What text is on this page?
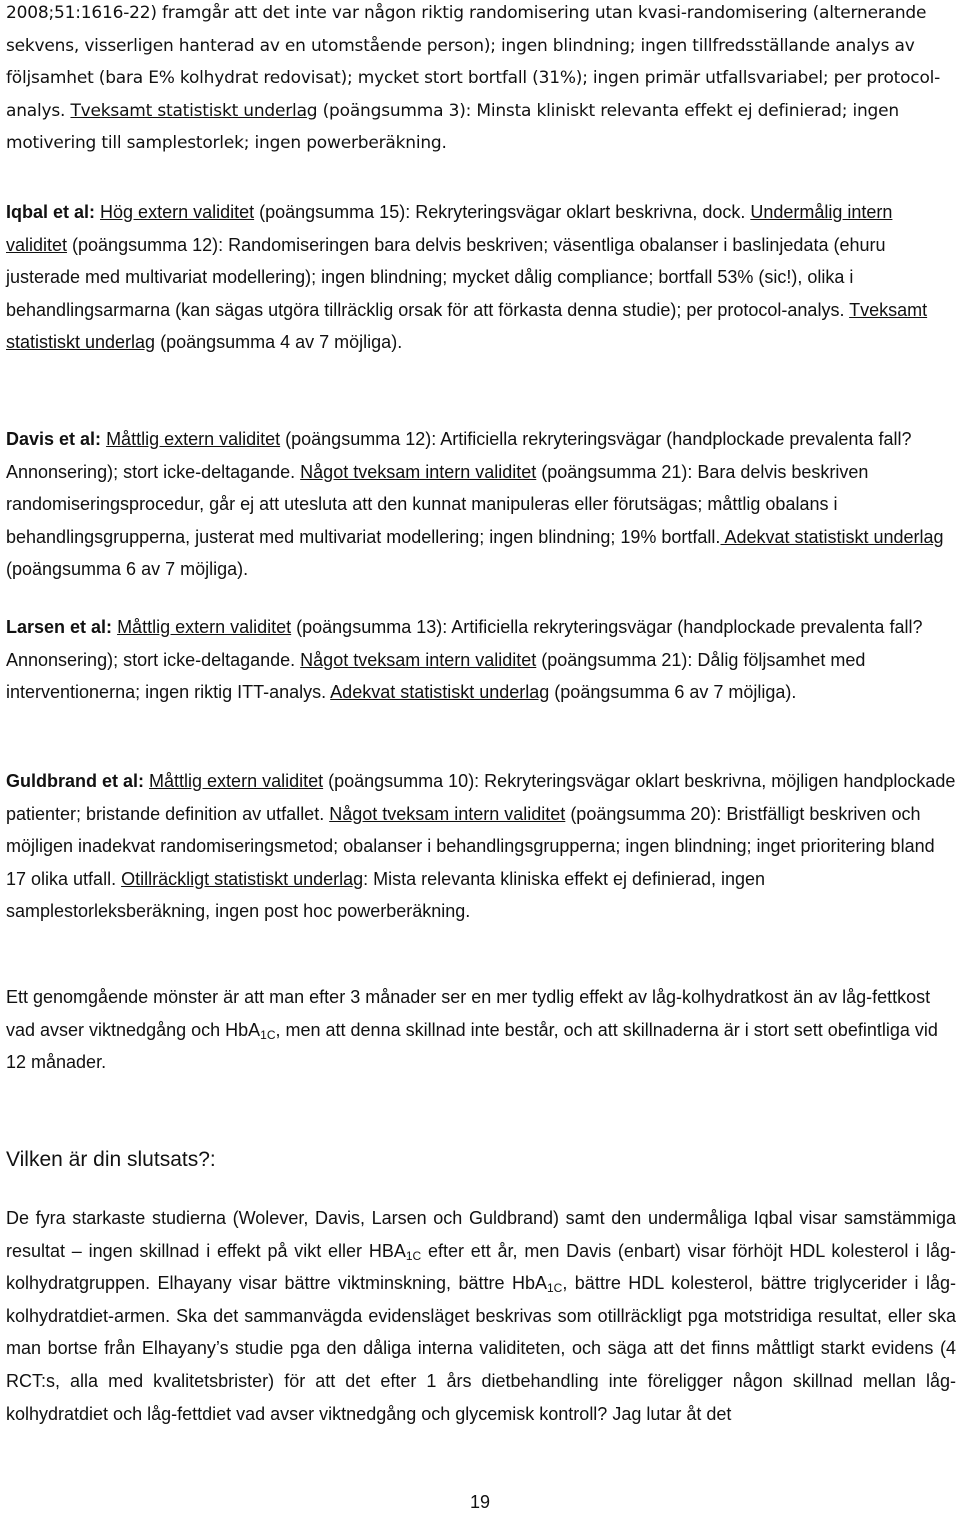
2008;51:1616-22) framgår att det inte var någon riktig randomisering utan kvasi-randomisering (alternerande sekvens, visserligen hanterad av en utomstående person); ingen blindning; ingen tillfredsställande analys av följsamhet (bara E% kolhydrat redovisat); mycket stort bortfall (31%); ingen primär utfallsvariabel; per protocol-analys. Tveksamt statistiskt underlag (poängsumma 3): Minsta kliniskt relevanta effekt ej definierad; ingen motivering till samplestorlek; ingen powerberäkning.

Iqbal et al: Hög extern validitet (poängsumma 15): Rekryteringsvägar oklart beskrivna, dock. Undermålig intern validitet (poängsumma 12): Randomiseringen bara delvis beskriven; väsentliga obalanser i baslinjedata (ehuru justerade med multivariat modellering); ingen blindning; mycket dålig compliance; bortfall 53% (sic!), olika i behandlingsarmarna (kan sägas utgöra tillräcklig orsak för att förkasta denna studie); per protocol-analys. Tveksamt statistiskt underlag (poängsumma 4 av 7 möjliga).

Davis et al: Måttlig extern validitet (poängsumma 12): Artificiella rekryteringsvägar (handplockade prevalenta fall? Annonsering); stort icke-deltagande. Något tveksam intern validitet (poängsumma 21): Bara delvis beskriven randomiseringsprocedur, går ej att utesluta att den kunnat manipuleras eller förutsägas; måttlig obalans i behandlingsgrupperna, justerat med multivariat modellering; ingen blindning; 19% bortfall. Adekvat statistiskt underlag (poängsumma 6 av 7 möjliga).

Larsen et al: Måttlig extern validitet (poängsumma 13): Artificiella rekryteringsvägar (handplockade prevalenta fall? Annonsering); stort icke-deltagande. Något tveksam intern validitet (poängsumma 21): Dålig följsamhet med interventionerna; ingen riktig ITT-analys. Adekvat statistiskt underlag (poängsumma 6 av 7 möjliga).

Guldbrand et al: Måttlig extern validitet (poängsumma 10): Rekryteringsvägar oklart beskrivna, möjligen handplockade patienter; bristande definition av utfallet. Något tveksam intern validitet (poängsumma 20): Bristfälligt beskriven och möjligen inadekvat randomiseringsmetod; obalanser i behandlingsgrupperna; ingen blindning; inget prioritering bland 17 olika utfall. Otillräckligt statistiskt underlag: Mista relevanta kliniska effekt ej definierad, ingen samplestorleksberäkning, ingen post hoc powerberäkning.

Ett genomgående mönster är att man efter 3 månader ser en mer tydlig effekt av låg-kolhydratkost än av låg-fettkost vad avser viktnedgång och HbA$_{1C}$, men att denna skillnad inte består, och att skillnaderna är i stort sett obefintliga vid 12 månader.

Vilken är din slutsats?:

De fyra starkaste studierna (Wolever, Davis, Larsen och Guldbrand) samt den undermåliga Iqbal visar samstämmiga resultat – ingen skillnad i effekt på vikt eller $HBA_{1C}$ efter ett år, men Davis (enbart) visar förhöjt HDL kolesterol i låg-kolhydratgruppen. Elhayany visar bättre viktminskning, bättre HbA$_{1C}$, bättre HDL kolesterol, bättre triglycerider i låg-kolhydratdiet-armen. Ska det sammanvägda evidensläget beskrivas som otillräckligt pga motstridiga resultat, eller ska man bortse från Elhayany’s studie pga den dåliga interna validiteten, och säga att det finns måttligt starkt evidens (4 RCT:s, alla med kvalitetsbrister) för att det efter 1 års dietbehandling inte föreligger någon skillnad mellan låg-kolhydratdiet och låg-fettdiet vad avser viktnedgång och glycemisk kontroll? Jag lutar åt det

19
